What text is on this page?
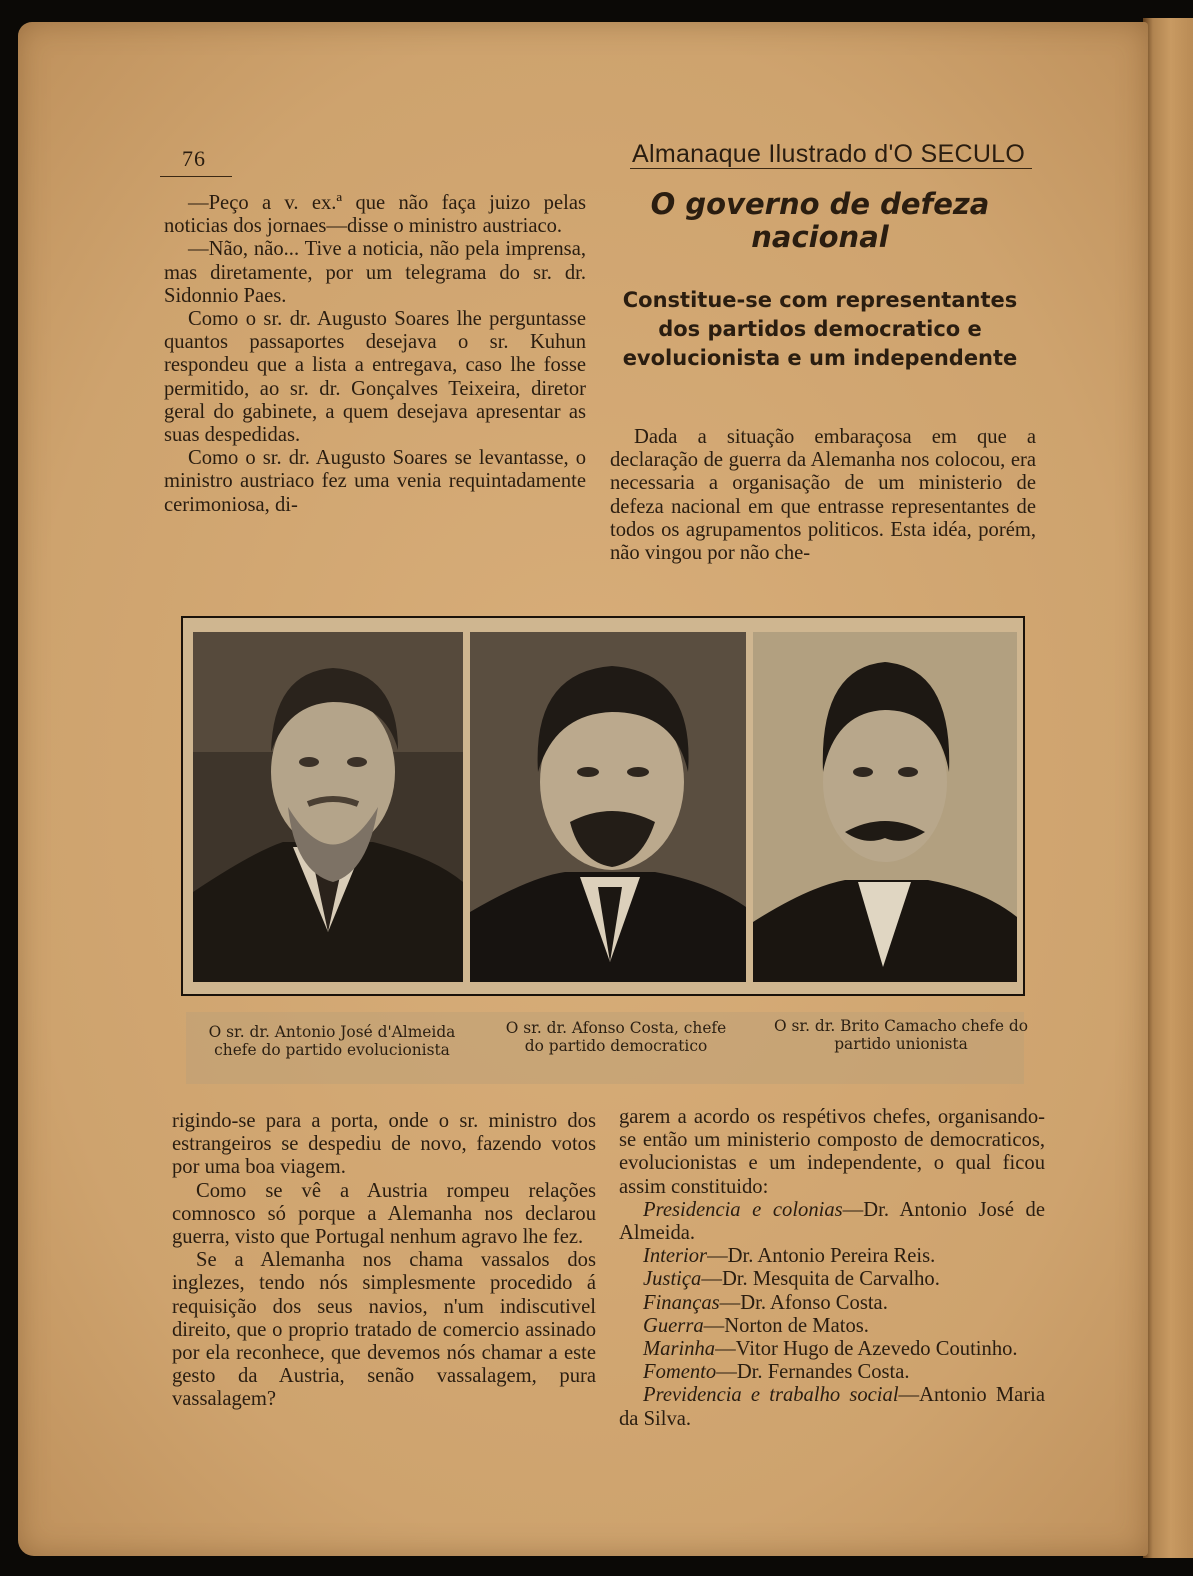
76	Almanaque Ilustrado d'O SECULO

—Peço a v. ex.ª que não faça juizo pelas noticias dos jornaes—disse o ministro austriaco.

—Não, não... Tive a noticia, não pela imprensa, mas diretamente, por um telegrama do sr. dr. Sidonnio Paes.

Como o sr. dr. Augusto Soares lhe perguntasse quantos passaportes desejava o sr. Kuhun respondeu que a lista a entregava, caso lhe fosse permitido, ao sr. dr. Gonçalves Teixeira, diretor geral do gabinete, a quem desejava apresentar as suas despedidas.

Como o sr. dr. Augusto Soares se levantasse, o ministro austriaco fez uma venia requintadamente cerimoniosa, di-

O governo de defeza nacional
Constitue-se com representantes dos partidos democratico e evolucionista e um independente

Dada a situação embaraçosa em que a declaração de guerra da Alemanha nos colocou, era necessaria a organisação de um ministerio de defeza nacional em que entrasse representantes de todos os agrupamentos politicos. Esta idéa, porém, não vingou por não che-

O sr. dr. Antonio José d'Almeida chefe do partido evolucionista

O sr. dr. Afonso Costa, chefe do partido democratico

O sr. dr. Brito Camacho chefe do partido unionista

rigindo-se para a porta, onde o sr. ministro dos estrangeiros se despediu de novo, fazendo votos por uma boa viagem.

Como se vê a Austria rompeu relações comnosco só porque a Alemanha nos declarou guerra, visto que Portugal nenhum agravo lhe fez.

Se a Alemanha nos chama vassalos dos inglezes, tendo nós simplesmente procedido á requisição dos seus navios, n'um indiscutivel direito, que o proprio tratado de comercio assinado por ela reconhece, que devemos nós chamar a este gesto da Austria, senão vassalagem, pura vassalagem?

garem a acordo os respétivos chefes, organisando-se então um ministerio composto de democraticos, evolucionistas e um independente, o qual ficou assim constituido:

Presidencia e colonias—Dr. Antonio José de Almeida.

Interior—Dr. Antonio Pereira Reis.

Justiça—Dr. Mesquita de Carvalho.

Finanças—Dr. Afonso Costa.

Guerra—Norton de Matos.

Marinha—Vitor Hugo de Azevedo Coutinho.

Fomento—Dr. Fernandes Costa.

Previdencia e trabalho social—Antonio Maria da Silva.
